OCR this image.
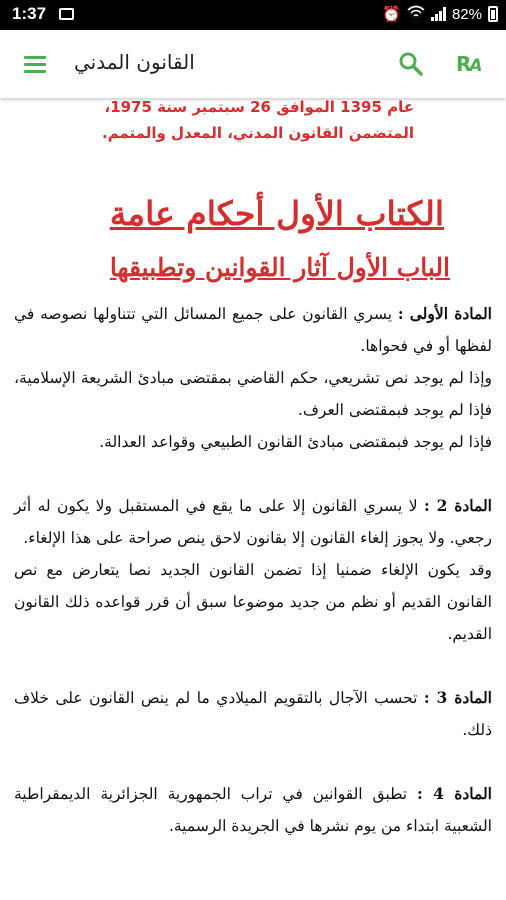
1:37	⏰	82%
القانون المدني	RA
عام 1395 الموافق 26 سبتمبر سنة 1975،
المتضمن القانون المدني، المعدل والمتمم.
الكتاب الأول أحكام عامة
الباب الأول آثار القوانين وتطبيقها

المادة الأولى : يسري القانون على جميع المسائل التي تتناولها نصوصه في لفظها أو في فحواها.

وإذا لم يوجد نص تشريعي، حكم القاضي بمقتضى مبادئ الشريعة الإسلامية، فإذا لم يوجد فبمقتضى العرف.

فإذا لم يوجد فبمقتضى مبادئ القانون الطبيعي وقواعد العدالة.

المادة 2 : لا يسري القانون إلا على ما يقع في المستقبل ولا يكون له أثر رجعي. ولا يجوز إلغاء القانون إلا بقانون لاحق ينص صراحة على هذا الإلغاء.

وقد يكون الإلغاء ضمنيا إذا تضمن القانون الجديد نصا يتعارض مع نص القانون القديم أو نظم من جديد موضوعا سبق أن قرر قواعده ذلك القانون القديم.

المادة 3 : تحسب الآجال بالتقويم الميلادي ما لم ينص القانون على خلاف ذلك.

المادة 4 : تطبق القوانين في تراب الجمهورية الجزائرية الديمقراطية الشعبية ابتداء من يوم نشرها في الجريدة الرسمية.
